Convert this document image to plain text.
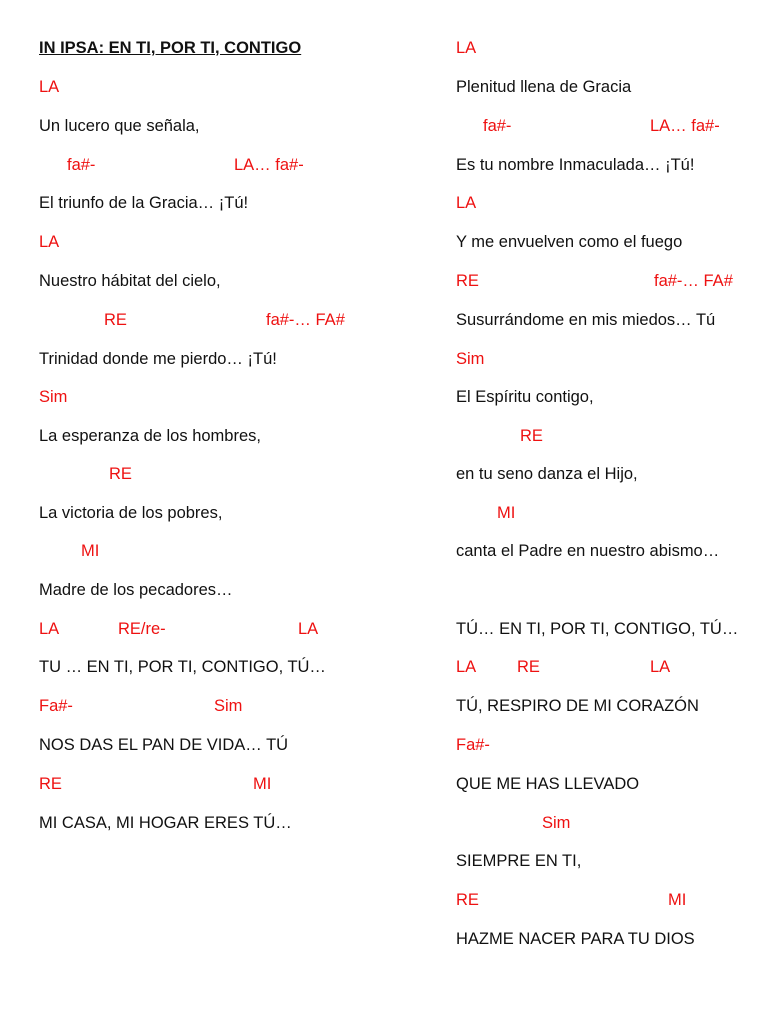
IN IPSA: EN TI, POR TI, CONTIGO
LA
Un lucero que señala,
fa#-	LA… fa#-
El triunfo de la Gracia… ¡Tú!
LA
Nuestro hábitat del cielo,
RE	fa#-… FA#
Trinidad donde me pierdo… ¡Tú!
Sim
La esperanza de los hombres,
RE
La victoria de los pobres,
MI
Madre de los pecadores…
LA	RE/re-	LA
TU … EN TI, POR TI, CONTIGO, TÚ…
Fa#-	Sim
NOS DAS EL PAN DE VIDA… TÚ
RE	MI
MI CASA, MI HOGAR ERES TÚ…
LA
Plenitud llena de Gracia
fa#-	LA… fa#-
Es tu nombre Inmaculada… ¡Tú!
LA
Y me envuelven como el fuego
RE	fa#-… FA#
Susurrándome en mis miedos… Tú
Sim
El Espíritu contigo,
RE
en tu seno danza el Hijo,
MI
canta el Padre en nuestro abismo…
TÚ… EN TI, POR TI, CONTIGO, TÚ…
LA RE	LA
TÚ, RESPIRO DE MI CORAZÓN
Fa#-
QUE ME HAS LLEVADO
Sim
SIEMPRE EN TI,
RE	MI
HAZME NACER PARA TU DIOS
